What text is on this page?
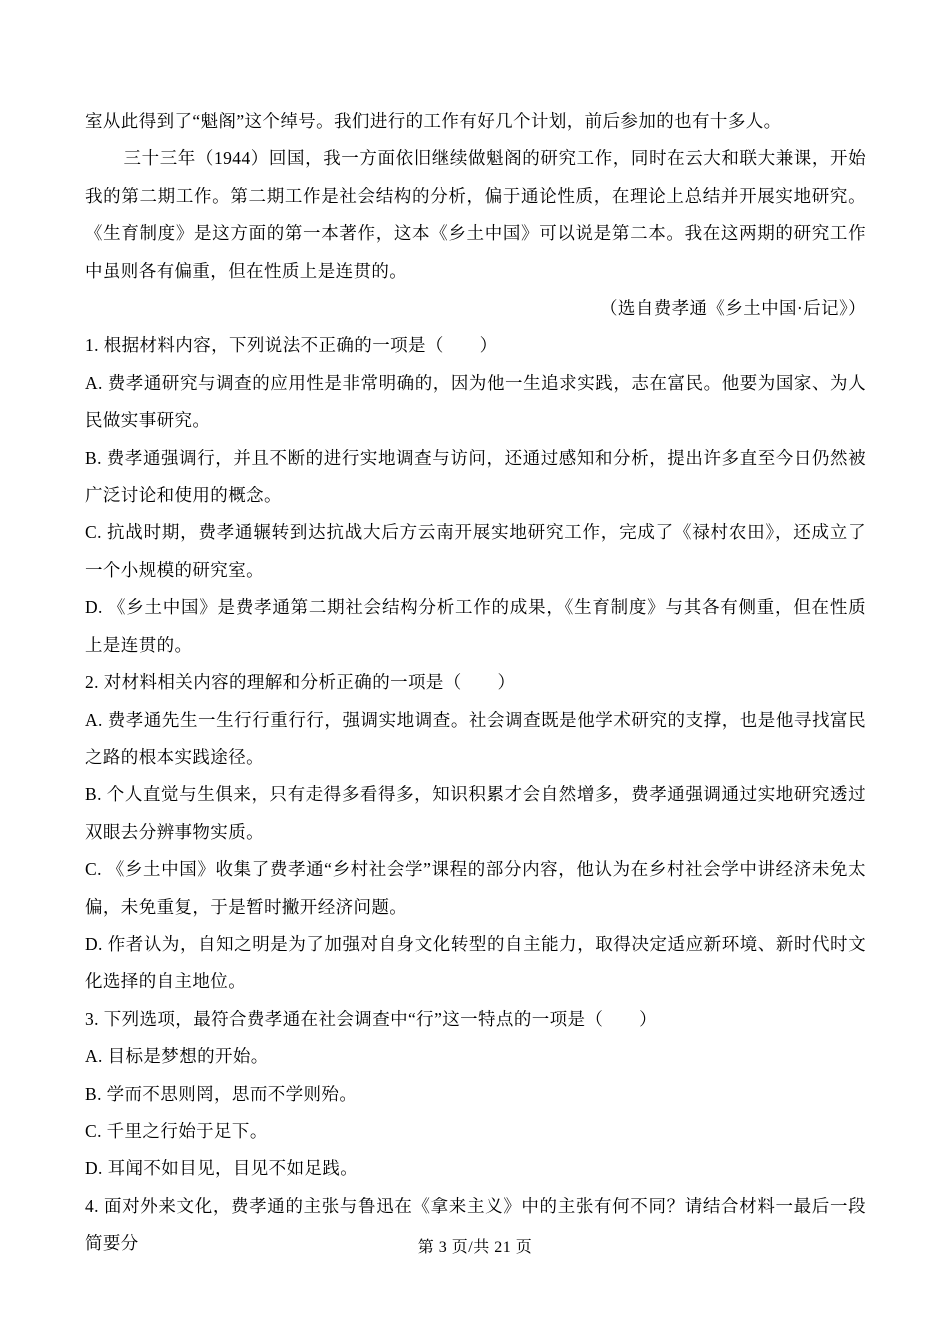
室从此得到了“魁阁”这个绰号。我们进行的工作有好几个计划，前后参加的也有十多人。

三十三年（1944）回国，我一方面依旧继续做魁阁的研究工作，同时在云大和联大兼课，开始我的第二期工作。第二期工作是社会结构的分析，偏于通论性质，在理论上总结并开展实地研究。《生育制度》是这方面的第一本著作，这本《乡土中国》可以说是第二本。我在这两期的研究工作中虽则各有偏重，但在性质上是连贯的。

（选自费孝通《乡土中国·后记》）

1. 根据材料内容，下列说法不正确的一项是（　　）

A. 费孝通研究与调查的应用性是非常明确的，因为他一生追求实践，志在富民。他要为国家、为人民做实事研究。

B. 费孝通强调行，并且不断的进行实地调查与访问，还通过感知和分析，提出许多直至今日仍然被广泛讨论和使用的概念。

C. 抗战时期，费孝通辗转到达抗战大后方云南开展实地研究工作，完成了《禄村农田》，还成立了一个小规模的研究室。

D. 《乡土中国》是费孝通第二期社会结构分析工作的成果，《生育制度》与其各有侧重，但在性质上是连贯的。

2. 对材料相关内容的理解和分析正确的一项是（　　）

A. 费孝通先生一生行行重行行，强调实地调查。社会调查既是他学术研究的支撑，也是他寻找富民之路的根本实践途径。

B. 个人直觉与生俱来，只有走得多看得多，知识积累才会自然增多，费孝通强调通过实地研究透过双眼去分辨事物实质。

C. 《乡土中国》收集了费孝通“乡村社会学”课程的部分内容，他认为在乡村社会学中讲经济未免太偏，未免重复，于是暂时撇开经济问题。

D. 作者认为，自知之明是为了加强对自身文化转型的自主能力，取得决定适应新环境、新时代时文化选择的自主地位。

3. 下列选项，最符合费孝通在社会调查中“行”这一特点的一项是（　　）

A. 目标是梦想的开始。

B. 学而不思则罔，思而不学则殆。

C. 千里之行始于足下。

D. 耳闻不如目见，目见不如足践。

4. 面对外来文化，费孝通的主张与鲁迅在《拿来主义》中的主张有何不同？请结合材料一最后一段简要分	第 3 页/共 21 页
